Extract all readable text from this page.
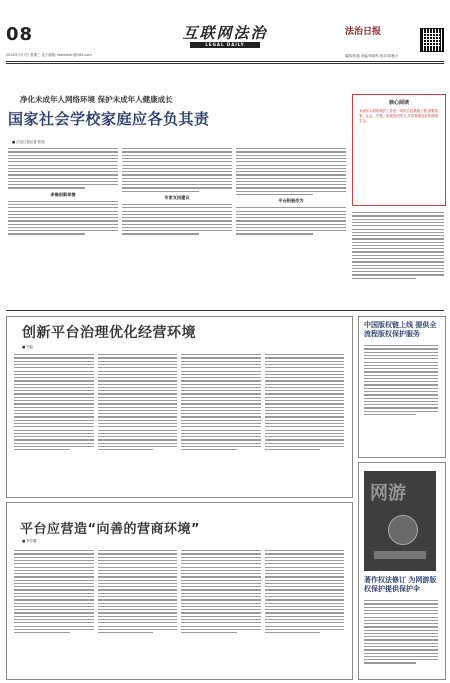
08
2024年7月7日 星期三 电子邮箱: fazhishen@163.com
互联网法治
LEGAL DAILY
法治日报
编辑/张瑞 美编/李晓军 校对/郑雅言
净化未成年人网络环境 保护未成年人健康成长
国家社会学校家庭应各负其责
■ 法治日报记者 张瑞
多维创新举措
专家支招建议
平台积极作为
核心阅读
未成年人网络保护工作是一项综合性系统工程,需要国家、社会、学校、家庭协同发力,共同构建良好的网络生态。
创新平台治理优化经营环境
■ 马晶
平台应营造“向善的营商环境”
■ 李学耀
中国版权链上线 提供全流程版权保护服务
网游
著作权法修订 为网游版权保护提供保护伞
